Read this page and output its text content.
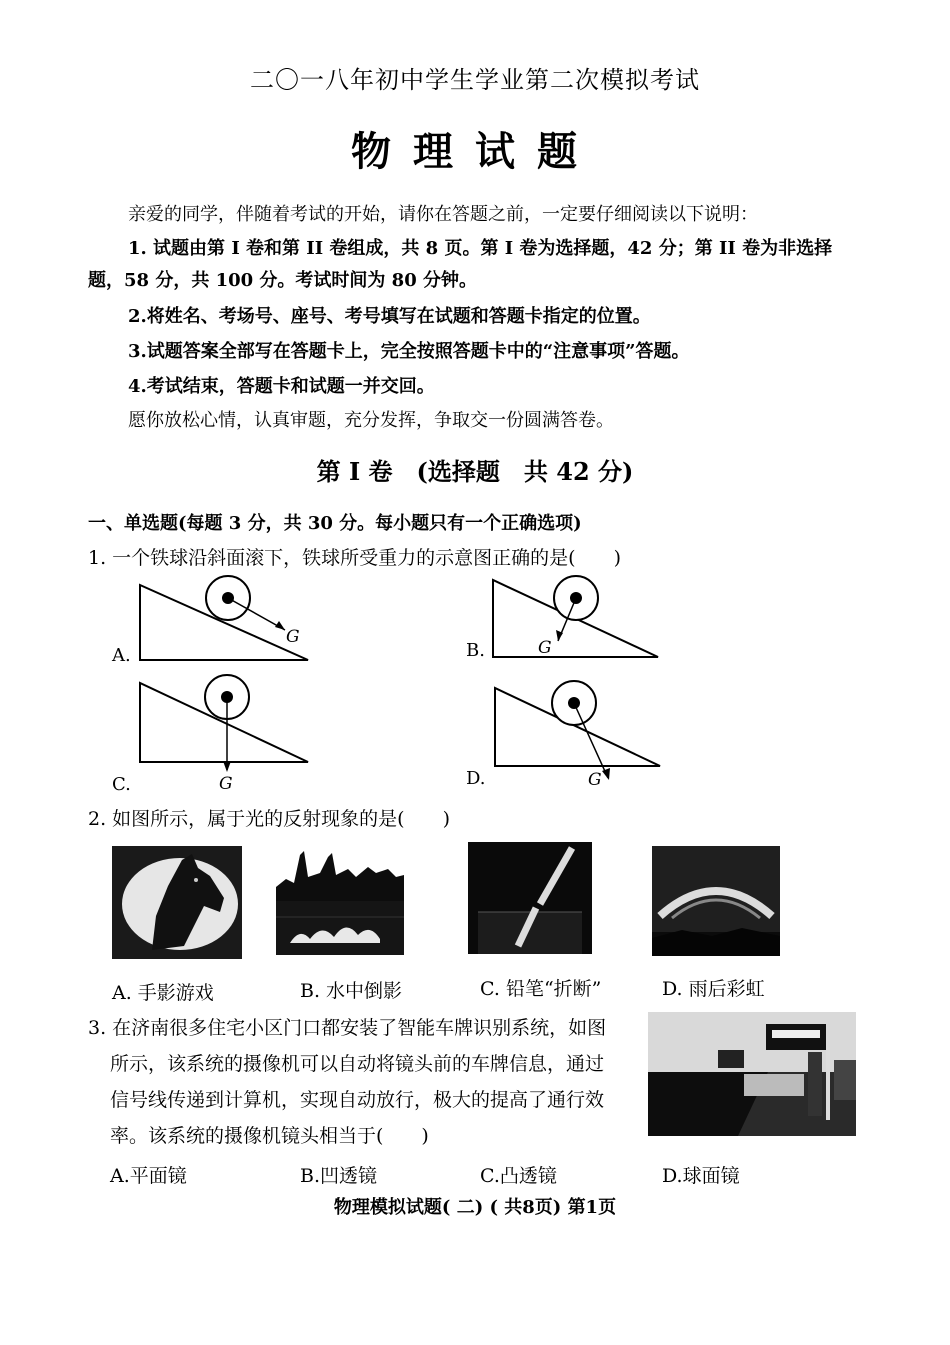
二〇一八年初中学生学业第二次模拟考试
物理试题
亲爱的同学，伴随着考试的开始，请你在答题之前，一定要仔细阅读以下说明：
1. 试题由第 I 卷和第 II 卷组成，共 8 页。第 I 卷为选择题，42 分；第 II 卷为非选择
题，58 分，共 100 分。考试时间为 80 分钟。
2.将姓名、考场号、座号、考号填写在试题和答题卡指定的位置。
3.试题答案全部写在答题卡上，完全按照答题卡中的“注意事项”答题。
4.考试结束，答题卡和试题一并交回。
愿你放松心情，认真审题，充分发挥，争取交一份圆满答卷。
第 I 卷　(选择题　共 42 分)
一、单选题(每题 3 分，共 30 分。每小题只有一个正确选项)
1. 一个铁球沿斜面滚下，铁球所受重力的示意图正确的是(　　)
G
A.	G
B.
G
C.	G
D.
2. 如图所示，属于光的反射现象的是(　　)
A. 手影游戏	B. 水中倒影	C. 铅笔“折断”	D. 雨后彩虹
3. 在济南很多住宅小区门口都安装了智能车牌识别系统，如图
所示，该系统的摄像机可以自动将镜头前的车牌信息，通过
信号线传递到计算机，实现自动放行，极大的提高了通行效
率。该系统的摄像机镜头相当于(　　)
A.平面镜	B.凹透镜	C.凸透镜	D.球面镜
物理模拟试题( 二) ( 共8页) 第1页
